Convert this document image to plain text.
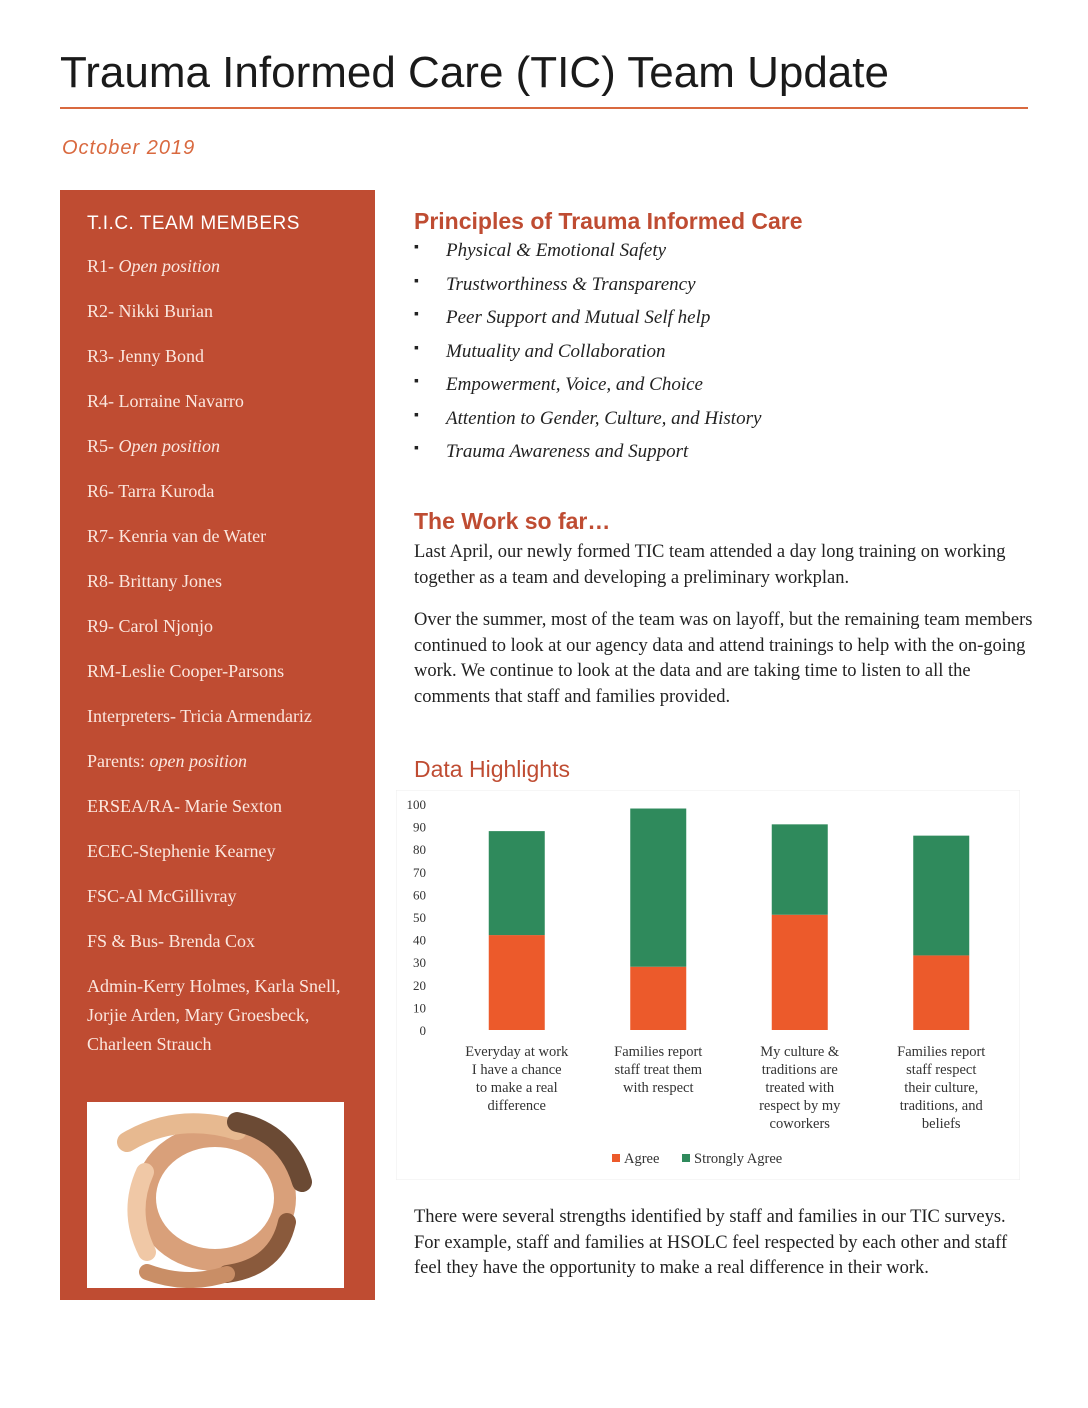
Trauma Informed Care (TIC) Team Update
October 2019
T.I.C. TEAM MEMBERS
R1- Open position
R2- Nikki Burian
R3- Jenny Bond
R4- Lorraine Navarro
R5- Open position
R6- Tarra Kuroda
R7- Kenria van de Water
R8- Brittany Jones
R9- Carol Njonjo
RM-Leslie Cooper-Parsons
Interpreters- Tricia Armendariz
Parents: open position
ERSEA/RA- Marie Sexton
ECEC-Stephenie Kearney
FSC-Al McGillivray
FS & Bus- Brenda Cox
Admin-Kerry Holmes, Karla Snell, Jorjie Arden, Mary Groesbeck, Charleen Strauch
Principles of Trauma Informed Care
▪ Physical & Emotional Safety
▪ Trustworthiness & Transparency
▪ Peer Support and Mutual Self help
▪ Mutuality and Collaboration
▪ Empowerment, Voice, and Choice
▪ Attention to Gender, Culture, and History
▪ Trauma Awareness and Support
The Work so far…

Last April, our newly formed TIC team attended a day long training on working together as a team and developing a preliminary workplan.

Over the summer, most of the team was on layoff, but the remaining team members continued to look at our agency data and attend trainings to help with the on-going work. We continue to look at the data and are taking time to listen to all the comments that staff and families provided.

Data Highlights
0
10
20
30
40
50
60
70
80
90
100
Everyday at work I have a chance to make a real difference
Families report staff treat them with respect
My culture & traditions are treated with respect by my coworkers
Families report staff respect their culture, traditions, and beliefs
Agree Strongly Agree

There were several strengths identified by staff and families in our TIC surveys. For example, staff and families at HSOLC feel respected by each other and staff feel they have the opportunity to make a real difference in their work.
